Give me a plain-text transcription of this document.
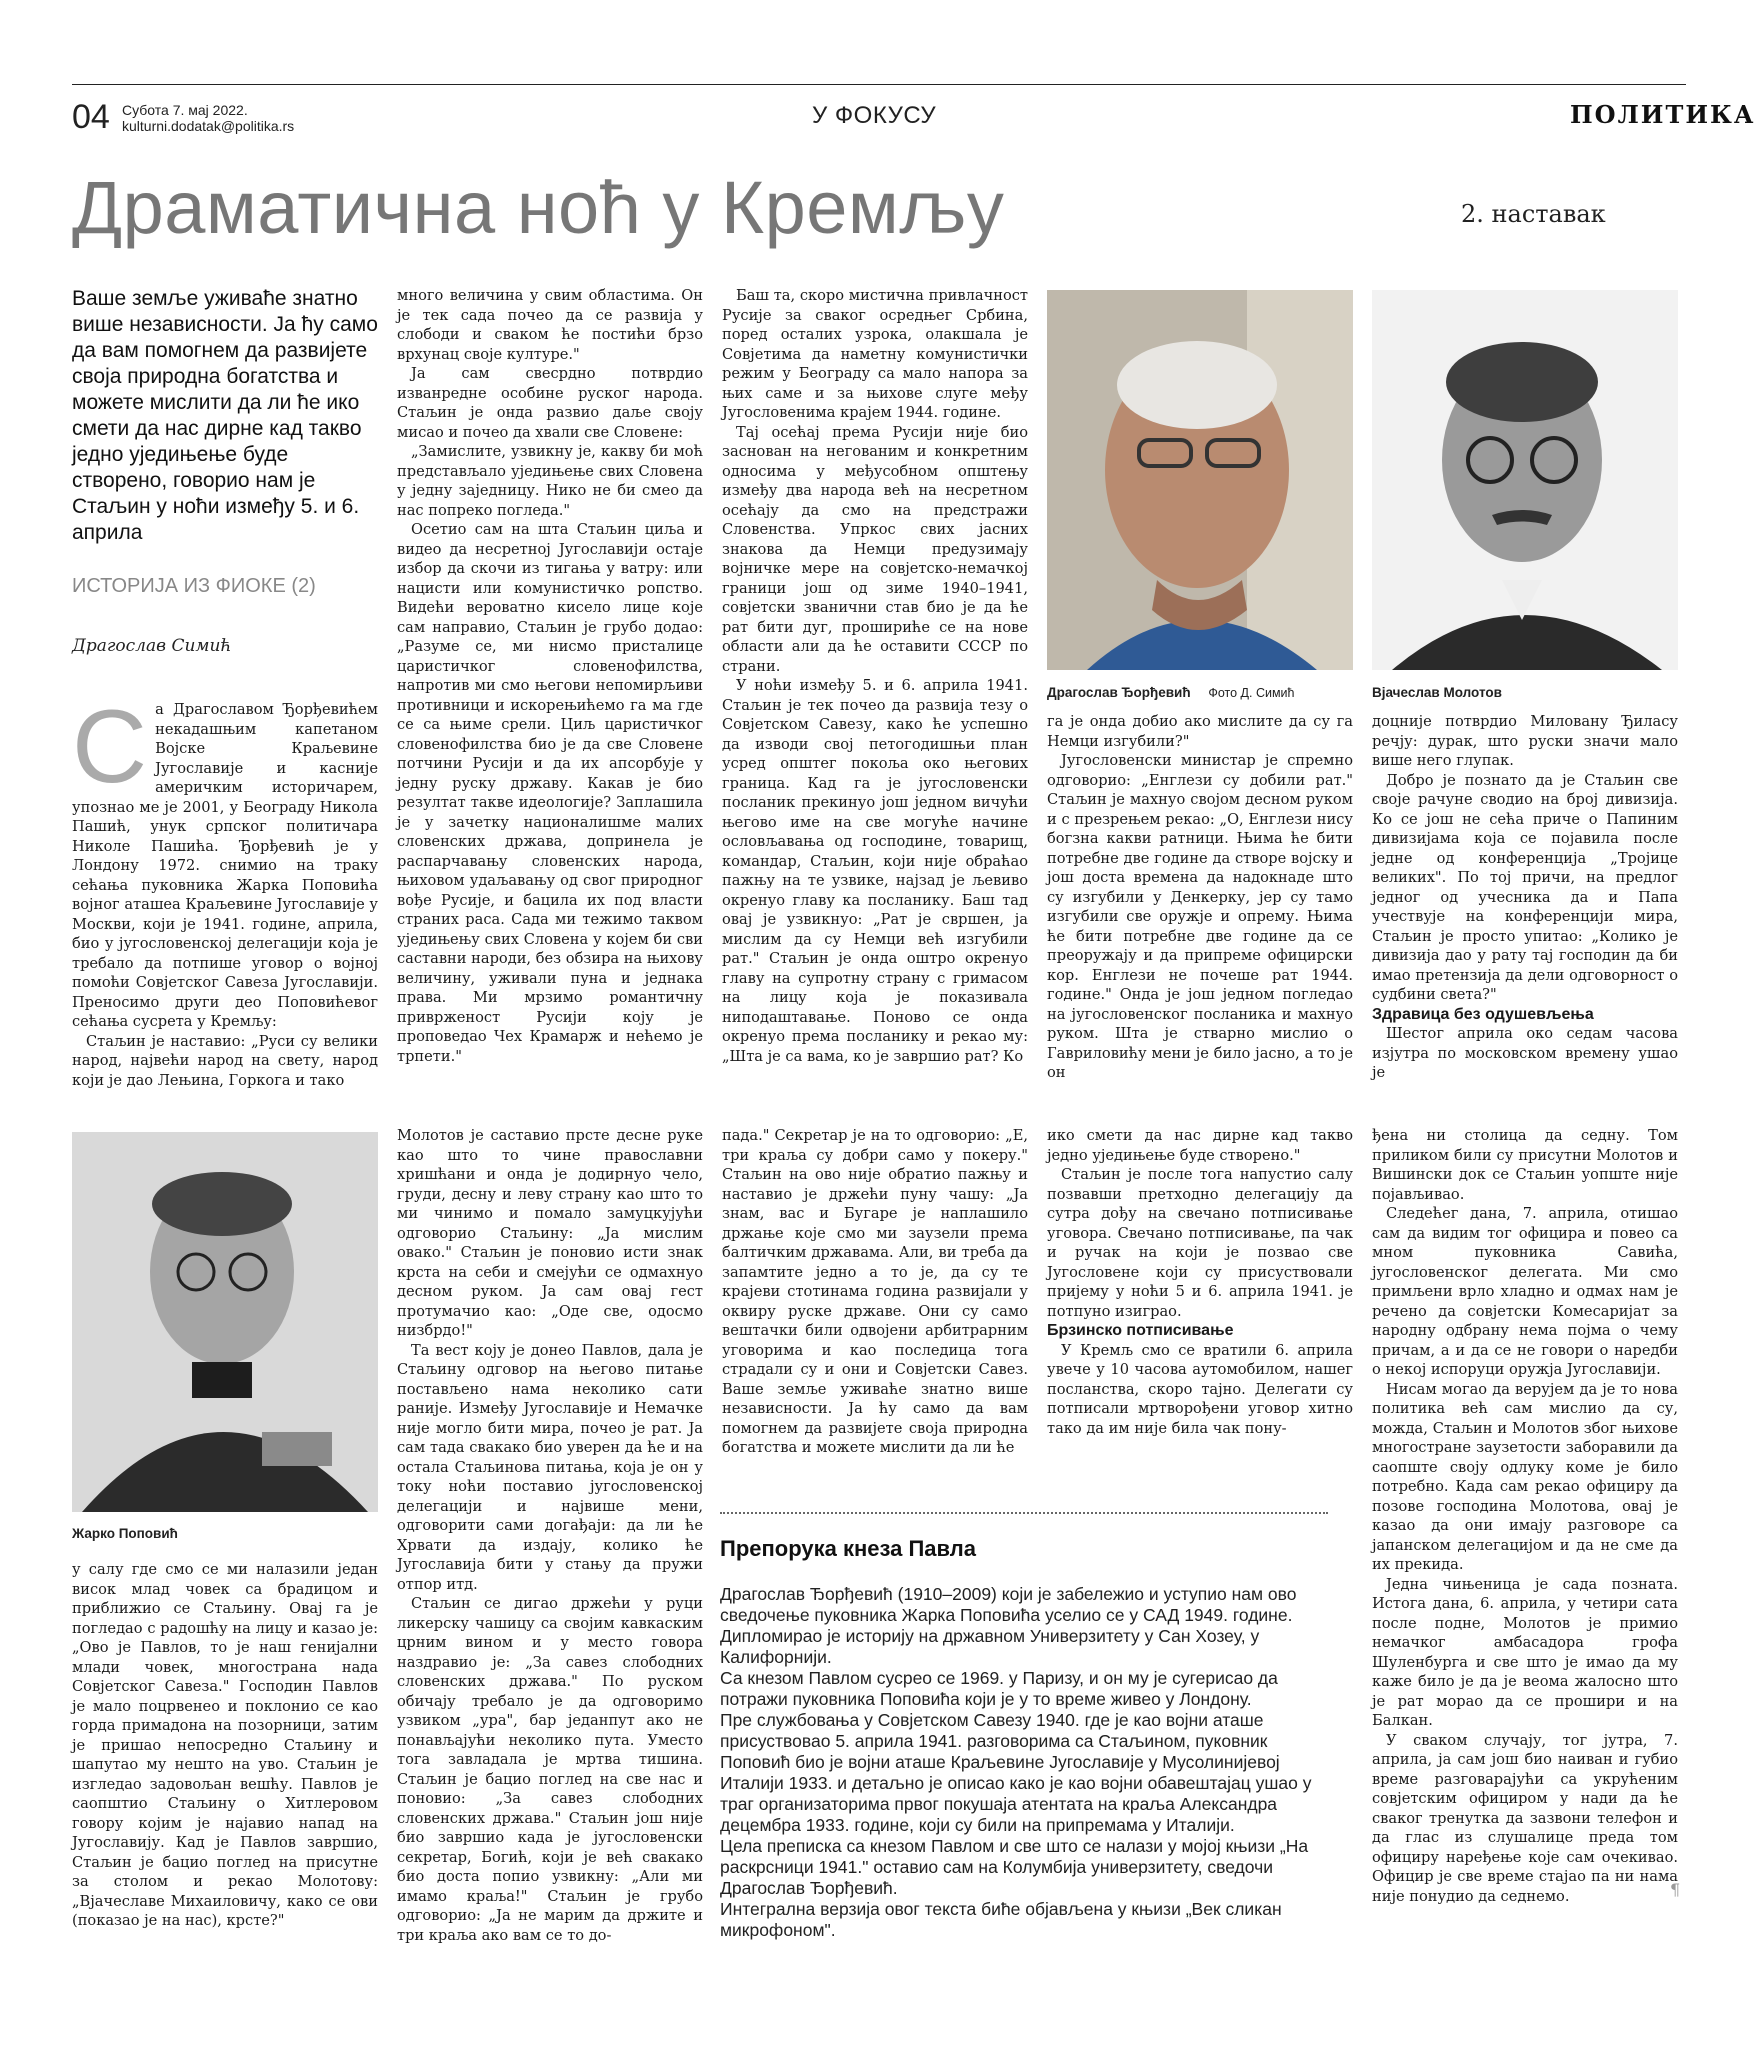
04 Субота 7. мај 2022.
kulturni.dodatak@politika.rs	У ФОКУСУ	ПОЛИТИКА
Драматична ноћ у Кремљу	2. наставак
Ваше земље уживаће знатно више независности. Ја ћу само да вам помогнем да развијете своја природна богатства и можете мислити да ли ће ико смети да нас дирне кад такво једно уједињење буде створено, говорио нам је Стаљин у ноћи између 5. и 6. априла
ИСТОРИЈА ИЗ ФИОКЕ (2)
Драгослав Симић
С а Драгославом Ђорђевићем некадашњим капетаном Војске Краљевине Југославије и касније америчким историчарем, упознао ме је 2001, у Београду Никола Пашић, унук српског политичара Николе Пашића. Ђорђевић је у Лондону 1972. снимио на траку сећања пуковника Жарка Поповића војног аташеа Краљевине Југославије у Москви, који је 1941. године, априла, био у југословенској делегацији која је требало да потпише уговор о војној помоћи Совјетског Савеза Југославији. Преносимо други део Поповићевог сећања сусрета у Кремљу:

Стаљин је наставио: „Руси су велики народ, највећи народ на свету, народ који је дао Лењина, Горкога и тако

много величина у свим областима. Он је тек сада почео да се развија у слободи и сваком ће постићи брзо врхунац своје културе."

Ја сам свесрдно потврдио изванредне особине руског народа. Стаљин је онда развио даље своју мисао и почео да хвали све Словене:

„Замислите, узвикну је, какву би моћ представљало уједињење свих Словена у једну заједницу. Нико не би смео да нас попреко погледа."

Осетио сам на шта Стаљин циља и видео да несретној Југославији остаје избор да скочи из тигања у ватру: или нацисти или комунистичко ропство. Видећи вероватно кисело лице које сам направио, Стаљин је грубо додао: „Разуме се, ми нисмо присталице царистичког словенофилства, напротив ми смо његови непомирљиви противници и искорењићемо га ма где се са њиме срели. Циљ царистичког словенофилства био је да све Словене потчини Русији и да их апсорбује у једну руску државу. Какав је био резултат такве идеологије? Заплашила је у зачетку националишме малих словенских држава, допринела је распарчавању словенских народа, њиховом удаљавању од свог природног вође Русије, и бацила их под власти страних раса. Сада ми тежимо таквом уједињењу свих Словена у којем би сви саставни народи, без обзира на њихову величину, уживали пуна и једнака права. Ми мрзимо романтичну привржeност Русији коју је проповедао Чех Крамарж и нећемо је трпети."

Баш та, скоро мистична привлачност Русије за сваког осредњег Србина, поред осталих узрока, олакшала је Совјетима да наметну комунистички режим у Београду са мало напора за њих саме и за њихове слуге међу Југословенима крајем 1944. године.

Тај осећај према Русији није био заснован на негованим и конкретним односима у међусобном општењу између два народа већ на несретном осећају да смо на предстражи Словенства. Упркос свих јасних знакова да Немци предузимају војничке мере на совјетско-немачкој граници још од зиме 1940–1941, совјетски званични став био је да ће рат бити дуг, прошириће се на нове области али да ће оставити СССР по страни.

У ноћи између 5. и 6. априла 1941. Стаљин је тек почео да развија тезу о Совјетском Савезу, како ће успешно да изводи свој петогодишњи план усред општег покоља око његових граница. Кад га је југословенски посланик прекинуо још једном вичући његово име на све могуће начине ословљавања од господине, товарищ, командар, Стаљин, који није обраћао пажњу на те узвике, најзад је љевиво окренуо главу ка посланику. Баш тад овај је узвикнуо: „Рат је свршен, ја мислим да су Немци већ изгубили рат." Стаљин је онда оштро окренуо главу на супротну страну с гримасом на лицу која је показивала ниподаштавање. Поново се онда окренуо према посланику и рекао му: „Шта је са вама, ко је завршио рат? Ко

Драгослав Ђорђевић Фото Д. Симић	Вјачеслав Молотов

га је онда добио ако мислите да су га Немци изгубили?"

Југословенски министар је спремно одговорио: „Енглези су добили рат." Стаљин је махнуо својом десном руком и с презрењем рекао: „О, Енглези нису богзна какви ратници. Њима ће бити потребне две године да створе војску и још доста времена да надокнаде што су изгубили у Денкерку, јер су тамо изгубили све оружје и опрему. Њима ће бити потребне две године да се преоружају и да припреме официрски кор. Енглези не почеше рат 1944. године." Онда је још једном погледао на југословенског посланика и махнуо руком. Шта је стварно мислио о Гавриловићу мени је било јасно, а то је он

доцније потврдио Миловану Ђиласу речју: дурак, што руски значи мало више него глупак.

Добро је познато да је Стаљин све своје рачуне сводио на број дивизија. Ко се још не сећа приче о Папиним дивизијама која се појавила после једне од конференција „Тројице великих". По тој причи, на предлог једног од учесника да и Папа учествује на конференцији мира, Стаљин је просто упитао: „Колико је дивизија дао у рату тај господин да би имао претензија да дели одговорност о судбини света?"

Здравица без одушевљења

Шестог априла око седам часова изјутра по московском времену ушао је

Жарко Поповић

Молотов је саставио прсте десне руке као што то чине православни хришћани и онда је додирнуо чело, груди, десну и леву страну као што то ми чинимо и помало замуцкујући одговорио Стаљину: „Ја мислим овако." Стаљин је поновио исти знак крста на себи и смејући се одмахнуо десном руком. Ја сам овај гест протумачио као: „Оде све, одосмо низбрдо!"

Та вест коју је донео Павлов, дала је Стаљину одговор на његово питање постављено нама неколико сати раније. Између Југославије и Немачке није могло бити мира, почео је рат. Ја сам тада свакако био уверен да ће и на остала Стаљинова питања, која је он у току ноћи поставио југословенској делегацији и највише мени, одговорити сами догађаји: да ли ће Хрвати да издају, колико ће Југославија бити у стању да пружи отпор итд.

Стаљин се дигао држећи у руци ликерску чашицу са својим кавкаским црним вином и у место говора наздравио је: „За савез слободних словенских држава." По руском обичају требало је да одговоримо узвиком „ура", бар једанпут ако не понављајући неколико пута. Уместо тога завладала је мртва тишина. Стаљин је бацио поглед на све нас и поновио: „За савез слободних словенских држава." Стаљин још није био завршио када је југословенски секретар, Богић, који је већ свакако био доста попио узвикну: „Али ми имамо краља!" Стаљин је грубо одговорио: „Ја не марим да држите и три краља ако вам се то до-

пада." Секретар је на то одговорио: „Е, три краља су добри само у покеру." Стаљин на ово није обратио пажњу и наставио је држећи пуну чашу: „Ја знам, вас и Бугаре је наплашило држање које смо ми заузели према балтичким државама. Али, ви треба да запамтите једно а то је, да су те крајеви стотинама година развијали у оквиру руске државе. Они су само вештачки били одвојени арбитрарним уговорима и као последица тога страдали су и они и Совјетски Савез. Ваше земље уживаће знатно више независности. Ја ћу само да вам помогнем да развијете своја природна богатства и можете мислити да ли ће

ико смети да нас дирне кад такво једно уједињење буде створено."

Стаљин је после тога напустио салу позвавши претходно делегацију да сутра дођу на свечано потписивање уговора. Свечано потписивање, па чак и ручак на који је позвао све Југословене који су присуствовали пријему у ноћи 5 и 6. априла 1941. је потпуно изиграо.

Брзинско потписивање

У Кремљ смо се вратили 6. априла увече у 10 часова аутомобилом, нашег посланства, скоро тајно. Делегати су потписали мртворођени уговор хитно тако да им није била чак пону-

ђена ни столица да седну. Том приликом били су присутни Молотов и Вишински док се Стаљин уопште није појављивао.

Следећег дана, 7. априла, отишао сам да видим тог официра и повео са мном пуковника Савића, југословенског делегата. Ми смо примљени врло хладно и одмах нам је речено да совјетски Комесаријат за народну одбрану нема појма о чему причам, а и да се не говори о наредби о некој испоруци оружја Југославији.

Нисам могао да верујем да је то нова политика већ сам мислио да су, можда, Стаљин и Молотов због њихове многостране заузетости заборавили да саопште своју одлуку коме је било потребно. Када сам рекао официру да позове господина Молотова, овај је казао да они имају разговоре са јапанском делегацијом и да не сме да их прекида.

Једна чињеница је сада позната. Истога дана, 6. априла, у четири сата после подне, Молотов је примио немачког амбасадора грофа Шуленбурга и све што је имао да му каже било је да је веома жалосно што је рат морао да се прошири и на Балкан.

У сваком случају, тог јутра, 7. априла, ја сам још био наиван и губио време разговарајући са укрућеним совјетским официром у нади да ће сваког тренутка да зазвони телефон и да глас из слушалице преда том официру наређење које сам очекивао. Официр је све време стајао па ни нама није понудио да седнемо.

у салу где смо се ми налазили један висок млад човек са брадицом и приближио се Стаљину. Овај га је погледао с радошћу на лицу и казао је: „Ово је Павлов, то је наш генијални млади човек, многострана нада Совјетског Савеза." Господин Павлов је мало поцрвенео и поклонио се као горда примадона на позорници, затим је пришао непосредно Стаљину и шапутао му нешто на уво. Стаљин је изгледао задовољан вешћу. Павлов је саопштио Стаљину о Хитлеровом говору којим је најавио напад на Југославију. Кад је Павлов завршио, Стаљин је бацио поглед на присутне за столом и рекао Молотову: „Вјачеславе Михаиловичу, како се ови (показао је на нас), крсте?"

Препорука кнеза Павла

Драгослав Ђорђевић (1910–2009) који је забележио и уступио нам ово сведочење пуковника Жарка Поповића уселио се у САД 1949. године. Дипломирао је историју на државном Универзитету у Сан Хозеу, у Калифорнији.

Са кнезом Павлом сусрео се 1969. у Паризу, и он му је сугерисао да потражи пуковника Поповића који је у то време живео у Лондону.

Пре службовања у Совјетском Савезу 1940. где је као војни аташе присуствовао 5. априла 1941. разговорима са Стаљином, пуковник Поповић био је војни аташе Краљевине Југославије у Мусолинијевој Италији 1933. и детаљно је описао како је као војни обавештајац ушао у траг организаторима првог покушаја атентата на краља Александра децембра 1933. године, који су били на припремама у Италији.

Цела преписка са кнезом Павлом и све што се налази у мојој књизи „На раскрсници 1941." оставио сам на Колумбија универзитету, сведочи Драгослав Ђорђевић.

Интегрална верзија овог текста биће објављена у књизи „Век сликан микрофоном".

¶
